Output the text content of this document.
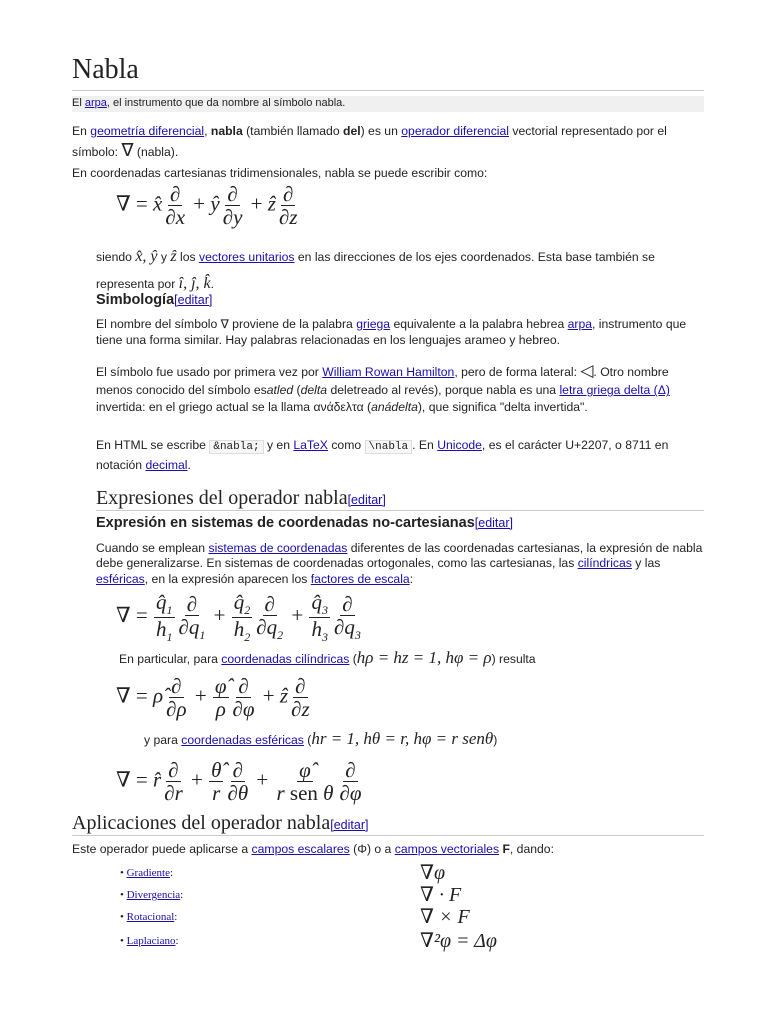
Nabla
El arpa, el instrumento que da nombre al símbolo nabla.

En geometría diferencial, nabla (también llamado del) es un operador diferencial vectorial representado por el símbolo: ∇ (nabla).

En coordenadas cartesianas tridimensionales, nabla se puede escribir como:

∇ = x̂ $\frac{\partial}{\partial x}$ + ŷ $\frac{\partial}{\partial y}$ + ẑ $\frac{\partial}{\partial z}$

siendo x̂, ŷ y ẑ los vectores unitarios en las direcciones de los ejes coordenados. Esta base también se representa por î, ĵ, k̂.

Simbología[editar]

El nombre del símbolo ∇ proviene de la palabra griega equivalente a la palabra hebrea arpa, instrumento que tiene una forma similar. Hay palabras relacionadas en los lenguajes arameo y hebreo.

El símbolo fue usado por primera vez por William Rowan Hamilton, pero de forma lateral: ◁. Otro nombre menos conocido del símbolo esatled (delta deletreado al revés), porque nabla es una letra griega delta (Δ) invertida: en el griego actual se la llama ανάδελτα (anádelta), que significa "delta invertida".

En HTML se escribe &nabla; y en LaTeX como \nabla . En Unicode, es el carácter U+2207, o 8711 en notación decimal.

Expresiones del operador nabla[editar]
Expresión en sistemas de coordenadas no-cartesianas[editar]

Cuando se emplean sistemas de coordenadas diferentes de las coordenadas cartesianas, la expresión de nabla debe generalizarse. En sistemas de coordenadas ortogonales, como las cartesianas, las cilíndricas y las esféricas, en la expresión aparecen los factores de escala:

∇ = $\frac{q̂_1}{h_1} \frac{\partial}{\partial q_1} + \frac{q̂_2}{h_2} \frac{\partial}{\partial q_2} + \frac{q̂_3}{h_3} \frac{\partial}{\partial q_3}$

En particular, para coordenadas cilíndricas (hρ = hz = 1, hφ = ρ) resulta

∇ = ρ̂ $\frac{\partial}{\partial\rho} + \frac{\varphî}{\rho} \frac{\partial}{\partial\varphi}$ + ẑ $\frac{\partial}{\partial z}$

y para coordenadas esféricas (hr = 1, hθ = r, hφ = r senθ)

∇ = r̂ $\frac{\partial}{\partial r} + \frac{\thetâ}{r} \frac{\partial}{\partial\theta} + \frac{\varphî}{\text{r sen θ}} \frac{\partial}{\partial\varphi}$
Aplicaciones del operador nabla[editar]

Este operador puede aplicarse a campos escalares (Φ) o a campos vectoriales F, dando:

• Gradiente:	∇φ
• Divergencia:	∇ · F⃗
• Rotacional:	∇ × F⃗
• Laplaciano:	∇²φ = Δφ
